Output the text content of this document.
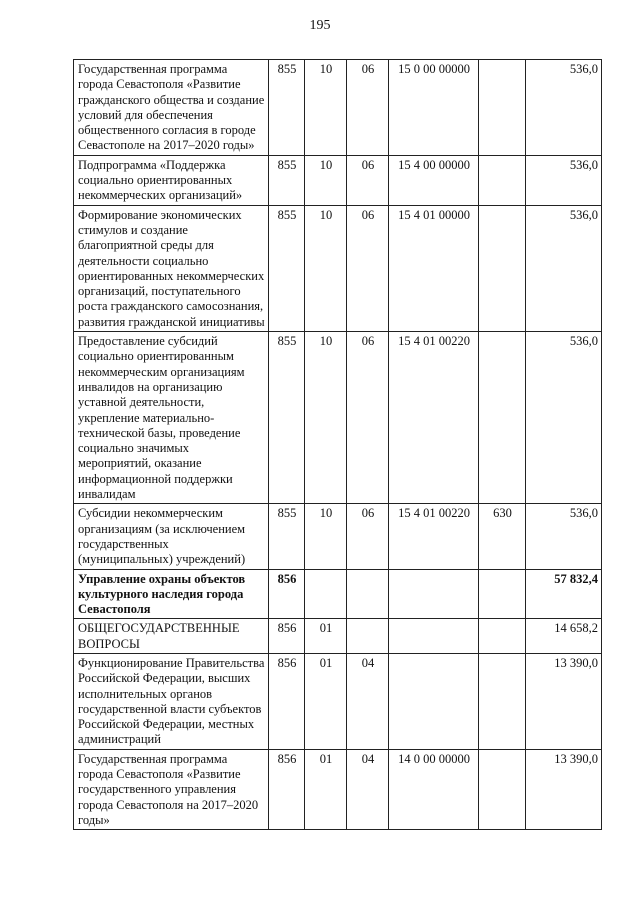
195
Государственная программа города Севастополя «Развитие гражданского общества и создание условий для обеспечения общественного согласия в городе Севастополе на 2017–2020 годы»	855	10	06	15 0 00 00000		536,0
Подпрограмма «Поддержка социально ориентированных некоммерческих организаций»	855	10	06	15 4 00 00000		536,0
Формирование экономических стимулов и создание благоприятной среды для деятельности социально ориентированных некоммерческих организаций, поступательного роста гражданского самосознания, развития гражданской инициативы	855	10	06	15 4 01 00000		536,0
Предоставление субсидий социально ориентированным некоммерческим организациям инвалидов на организацию уставной деятельности, укрепление материально-технической базы, проведение социально значимых мероприятий, оказание информационной поддержки инвалидам	855	10	06	15 4 01 00220		536,0
Субсидии некоммерческим организациям (за исключением государственных (муниципальных) учреждений)	855	10	06	15 4 01 00220	630	536,0
Управление охраны объектов культурного наследия города Севастополя	856					57 832,4
ОБЩЕГОСУДАРСТВЕННЫЕ ВОПРОСЫ	856	01				14 658,2
Функционирование Правительства Российской Федерации, высших исполнительных органов государственной власти субъектов Российской Федерации, местных администраций	856	01	04			13 390,0
Государственная программа города Севастополя «Развитие государственного управления города Севастополя на 2017–2020 годы»	856	01	04	14 0 00 00000		13 390,0
